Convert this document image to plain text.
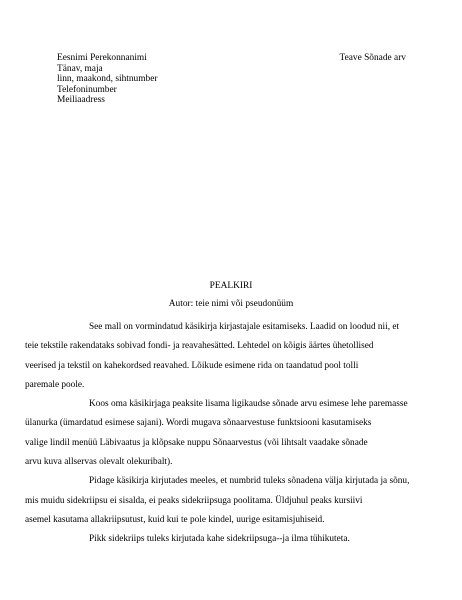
Eesnimi Perekonnanimi
Tänav, maja
linn, maakond, sihtnumber
Telefoninumber
Meiliaadress
Teave Sõnade arv
PEALKIRI
Autor: teie nimi või pseudonüüm

See mall on vormindatud käsikirja kirjastajale esitamiseks. Laadid on loodud nii, et
teie tekstile rakendataks sobivad fondi- ja reavahesätted. Lehtedel on kõigis äärtes ühetollised
veerised ja tekstil on kahekordsed reavahed. Lõikude esimene rida on taandatud pool tolli
paremale poole.

Koos oma käsikirjaga peaksite lisama ligikaudse sõnade arvu esimese lehe paremasse
ülanurka (ümardatud esimese sajani). Wordi mugava sõnaarvestuse funktsiooni kasutamiseks
valige lindil menüü Läbivaatus ja klõpsake nuppu Sõnaarvestus (või lihtsalt vaadake sõnade
arvu kuva allservas olevalt olekuribalt).

Pidage käsikirja kirjutades meeles, et numbrid tuleks sõnadena välja kirjutada ja sõnu,
mis muidu sidekriipsu ei sisalda, ei peaks sidekriipsuga poolitama. Üldjuhul peaks kursiivi
asemel kasutama allakriipsutust, kuid kui te pole kindel, uurige esitamisjuhiseid.

Pikk sidekriips tuleks kirjutada kahe sidekriipsuga--ja ilma tühikuteta.
